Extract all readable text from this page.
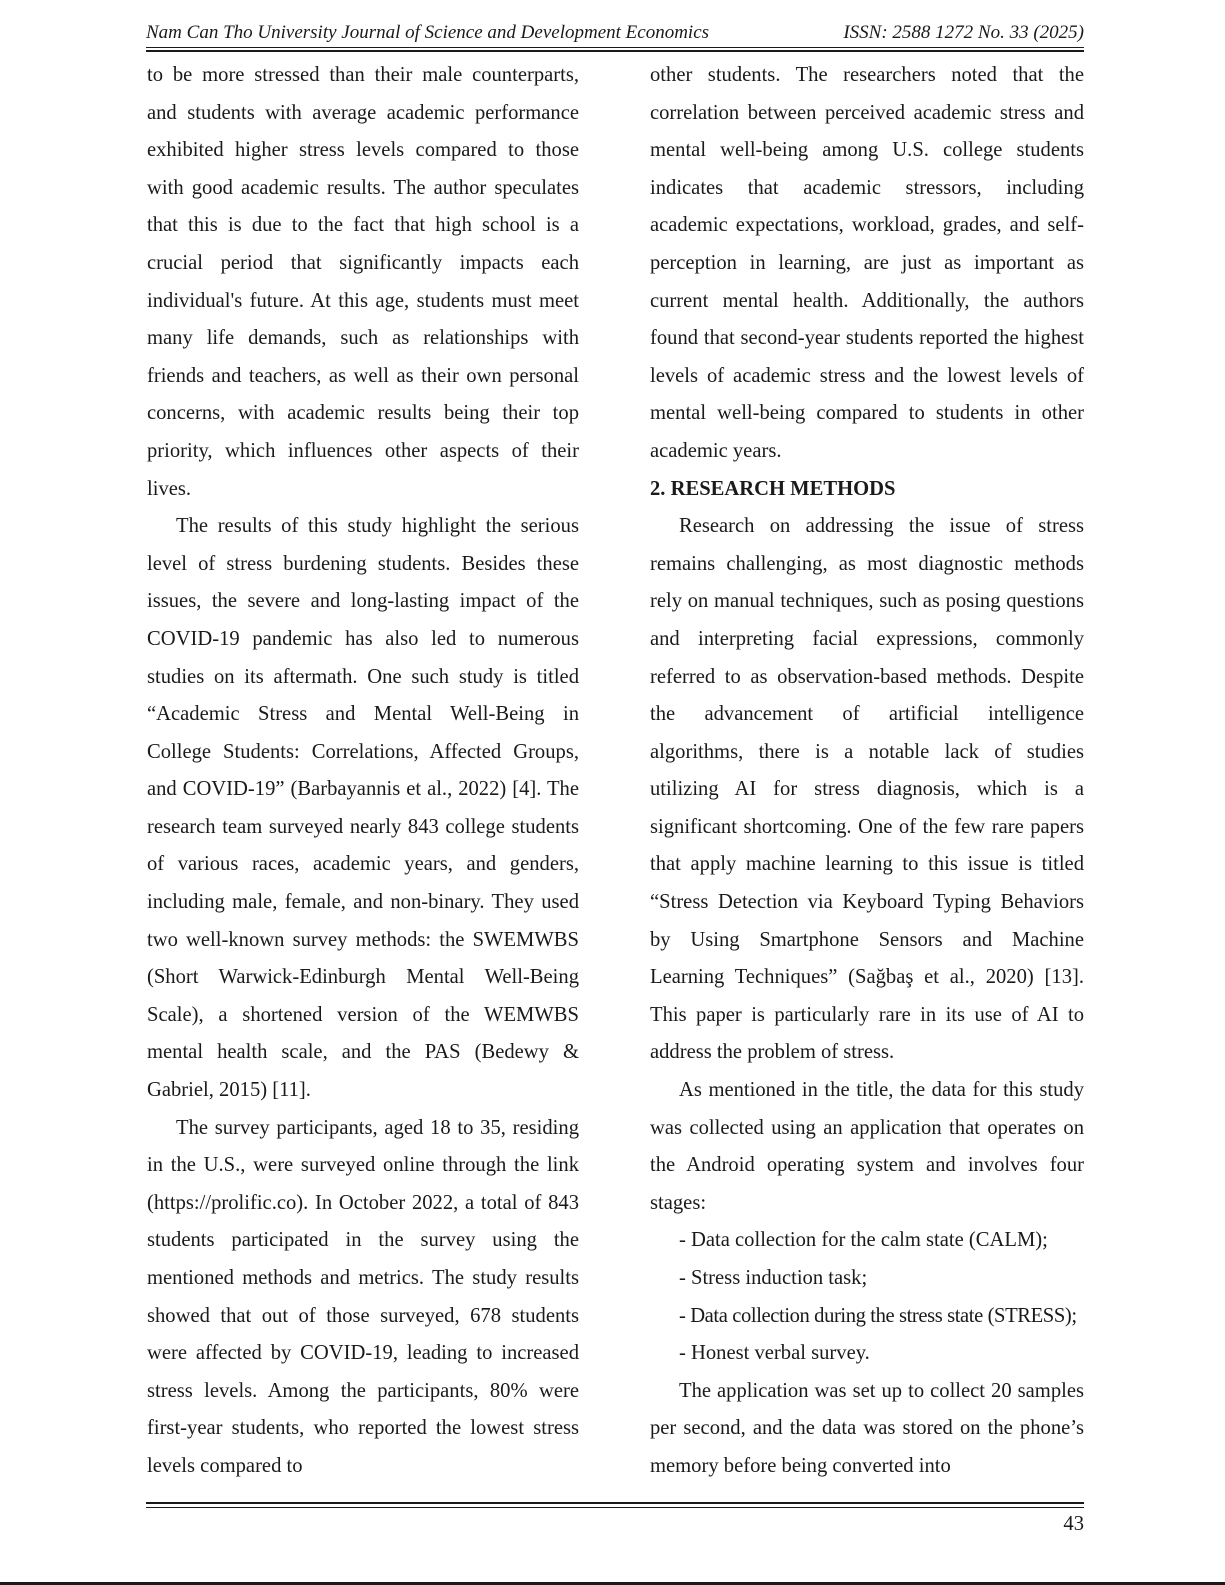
Nam Can Tho University Journal of Science and Development Economics	ISSN: 2588 1272 No. 33 (2025)

to be more stressed than their male counterparts, and students with average academic performance exhibited higher stress levels compared to those with good academic results. The author speculates that this is due to the fact that high school is a crucial period that significantly impacts each individual's future. At this age, students must meet many life demands, such as relationships with friends and teachers, as well as their own personal concerns, with academic results being their top priority, which influences other aspects of their lives.

The results of this study highlight the serious level of stress burdening students. Besides these issues, the severe and long-lasting impact of the COVID-19 pandemic has also led to numerous studies on its aftermath. One such study is titled “Academic Stress and Mental Well-Being in College Students: Correlations, Affected Groups, and COVID-19” (Barbayannis et al., 2022) [4]. The research team surveyed nearly 843 college students of various races, academic years, and genders, including male, female, and non-binary. They used two well-known survey methods: the SWEMWBS (Short Warwick-Edinburgh Mental Well-Being Scale), a shortened version of the WEMWBS mental health scale, and the PAS (Bedewy & Gabriel, 2015) [11].

The survey participants, aged 18 to 35, residing in the U.S., were surveyed online through the link (https://prolific.co). In October 2022, a total of 843 students participated in the survey using the mentioned methods and metrics. The study results showed that out of those surveyed, 678 students were affected by COVID-19, leading to increased stress levels. Among the participants, 80% were first-year students, who reported the lowest stress levels compared to

other students. The researchers noted that the correlation between perceived academic stress and mental well-being among U.S. college students indicates that academic stressors, including academic expectations, workload, grades, and self-perception in learning, are just as important as current mental health. Additionally, the authors found that second-year students reported the highest levels of academic stress and the lowest levels of mental well-being compared to students in other academic years.

2. RESEARCH METHODS

Research on addressing the issue of stress remains challenging, as most diagnostic methods rely on manual techniques, such as posing questions and interpreting facial expressions, commonly referred to as observation-based methods. Despite the advancement of artificial intelligence algorithms, there is a notable lack of studies utilizing AI for stress diagnosis, which is a significant shortcoming. One of the few rare papers that apply machine learning to this issue is titled “Stress Detection via Keyboard Typing Behaviors by Using Smartphone Sensors and Machine Learning Techniques” (Sağbaş et al., 2020) [13]. This paper is particularly rare in its use of AI to address the problem of stress.

As mentioned in the title, the data for this study was collected using an application that operates on the Android operating system and involves four stages:

- Data collection for the calm state (CALM);

- Stress induction task;

- Data collection during the stress state (STRESS);

- Honest verbal survey.

The application was set up to collect 20 samples per second, and the data was stored on the phone’s memory before being converted into

43
